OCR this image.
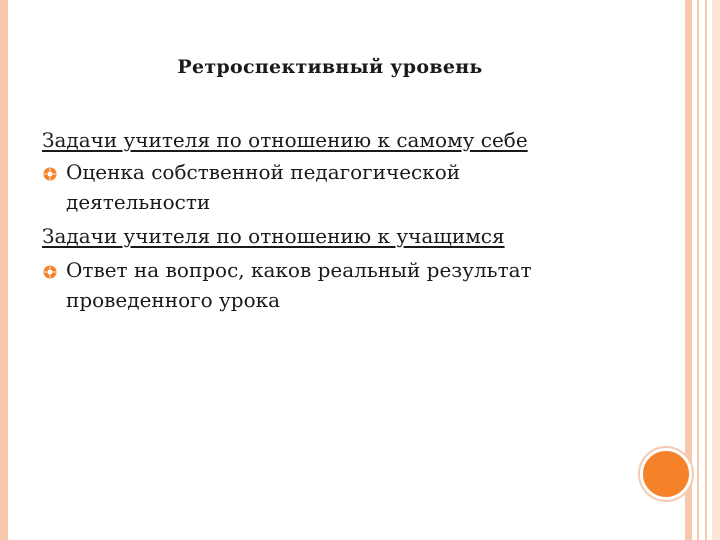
Ретроспективный уровень
Задачи учителя по отношению к самому себе
Оценка собственной педагогической
деятельности
Задачи учителя по отношению к учащимся
Ответ на вопрос, каков реальный результат
проведенного урока
